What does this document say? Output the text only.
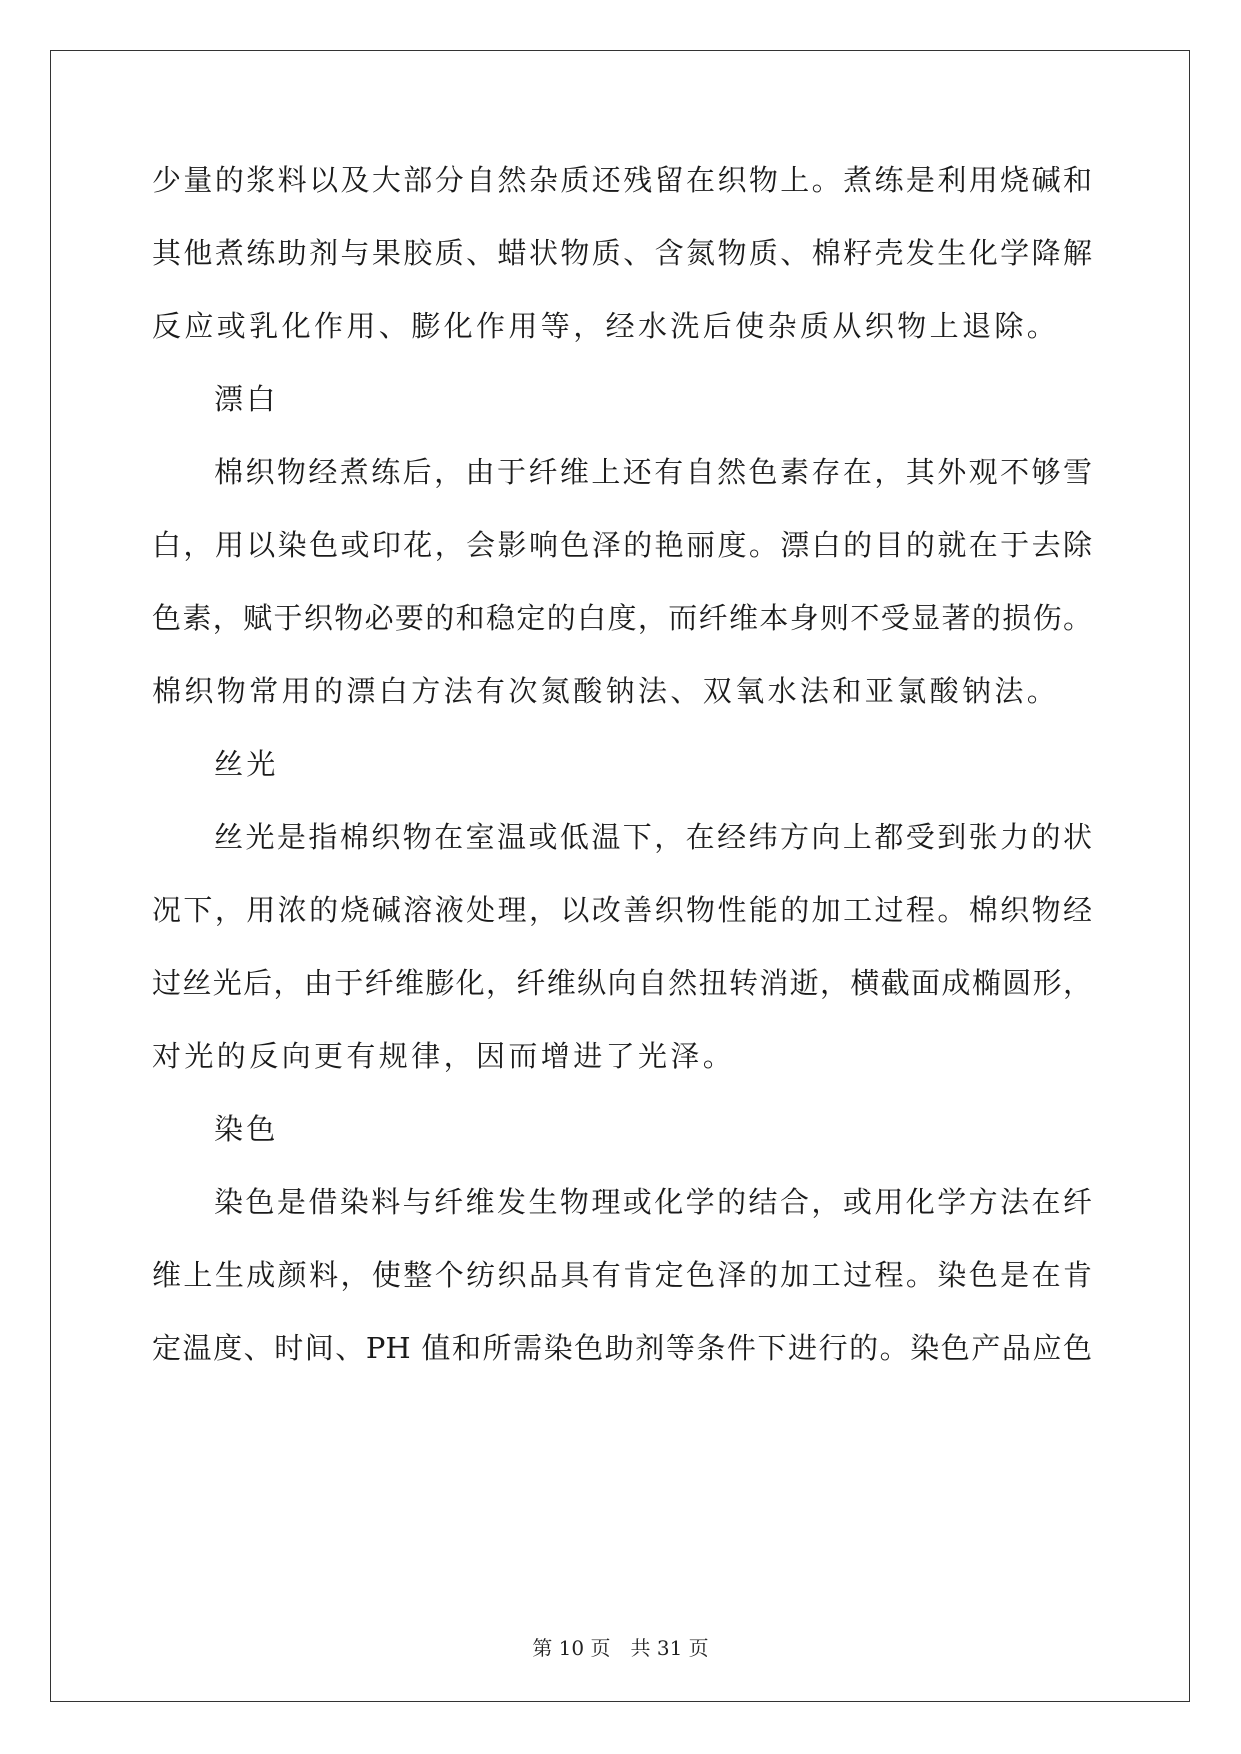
少量的浆料以及大部分自然杂质还残留在织物上。煮练是利用烧碱和
其他煮练助剂与果胶质、蜡状物质、含氮物质、棉籽壳发生化学降解
反应或乳化作用、膨化作用等，经水洗后使杂质从织物上退除。
漂白
棉织物经煮练后，由于纤维上还有自然色素存在，其外观不够雪
白，用以染色或印花，会影响色泽的艳丽度。漂白的目的就在于去除
色素，赋于织物必要的和稳定的白度，而纤维本身则不受显著的损伤。
棉织物常用的漂白方法有次氮酸钠法、双氧水法和亚氯酸钠法。
丝光
丝光是指棉织物在室温或低温下，在经纬方向上都受到张力的状
况下，用浓的烧碱溶液处理，以改善织物性能的加工过程。棉织物经
过丝光后，由于纤维膨化，纤维纵向自然扭转消逝，横截面成椭圆形，
对光的反向更有规律，因而增进了光泽。
染色
染色是借染料与纤维发生物理或化学的结合，或用化学方法在纤
维上生成颜料，使整个纺织品具有肯定色泽的加工过程。染色是在肯
定温度、时间、PH 值和所需染色助剂等条件下进行的。染色产品应色
第 10 页　共 31 页
